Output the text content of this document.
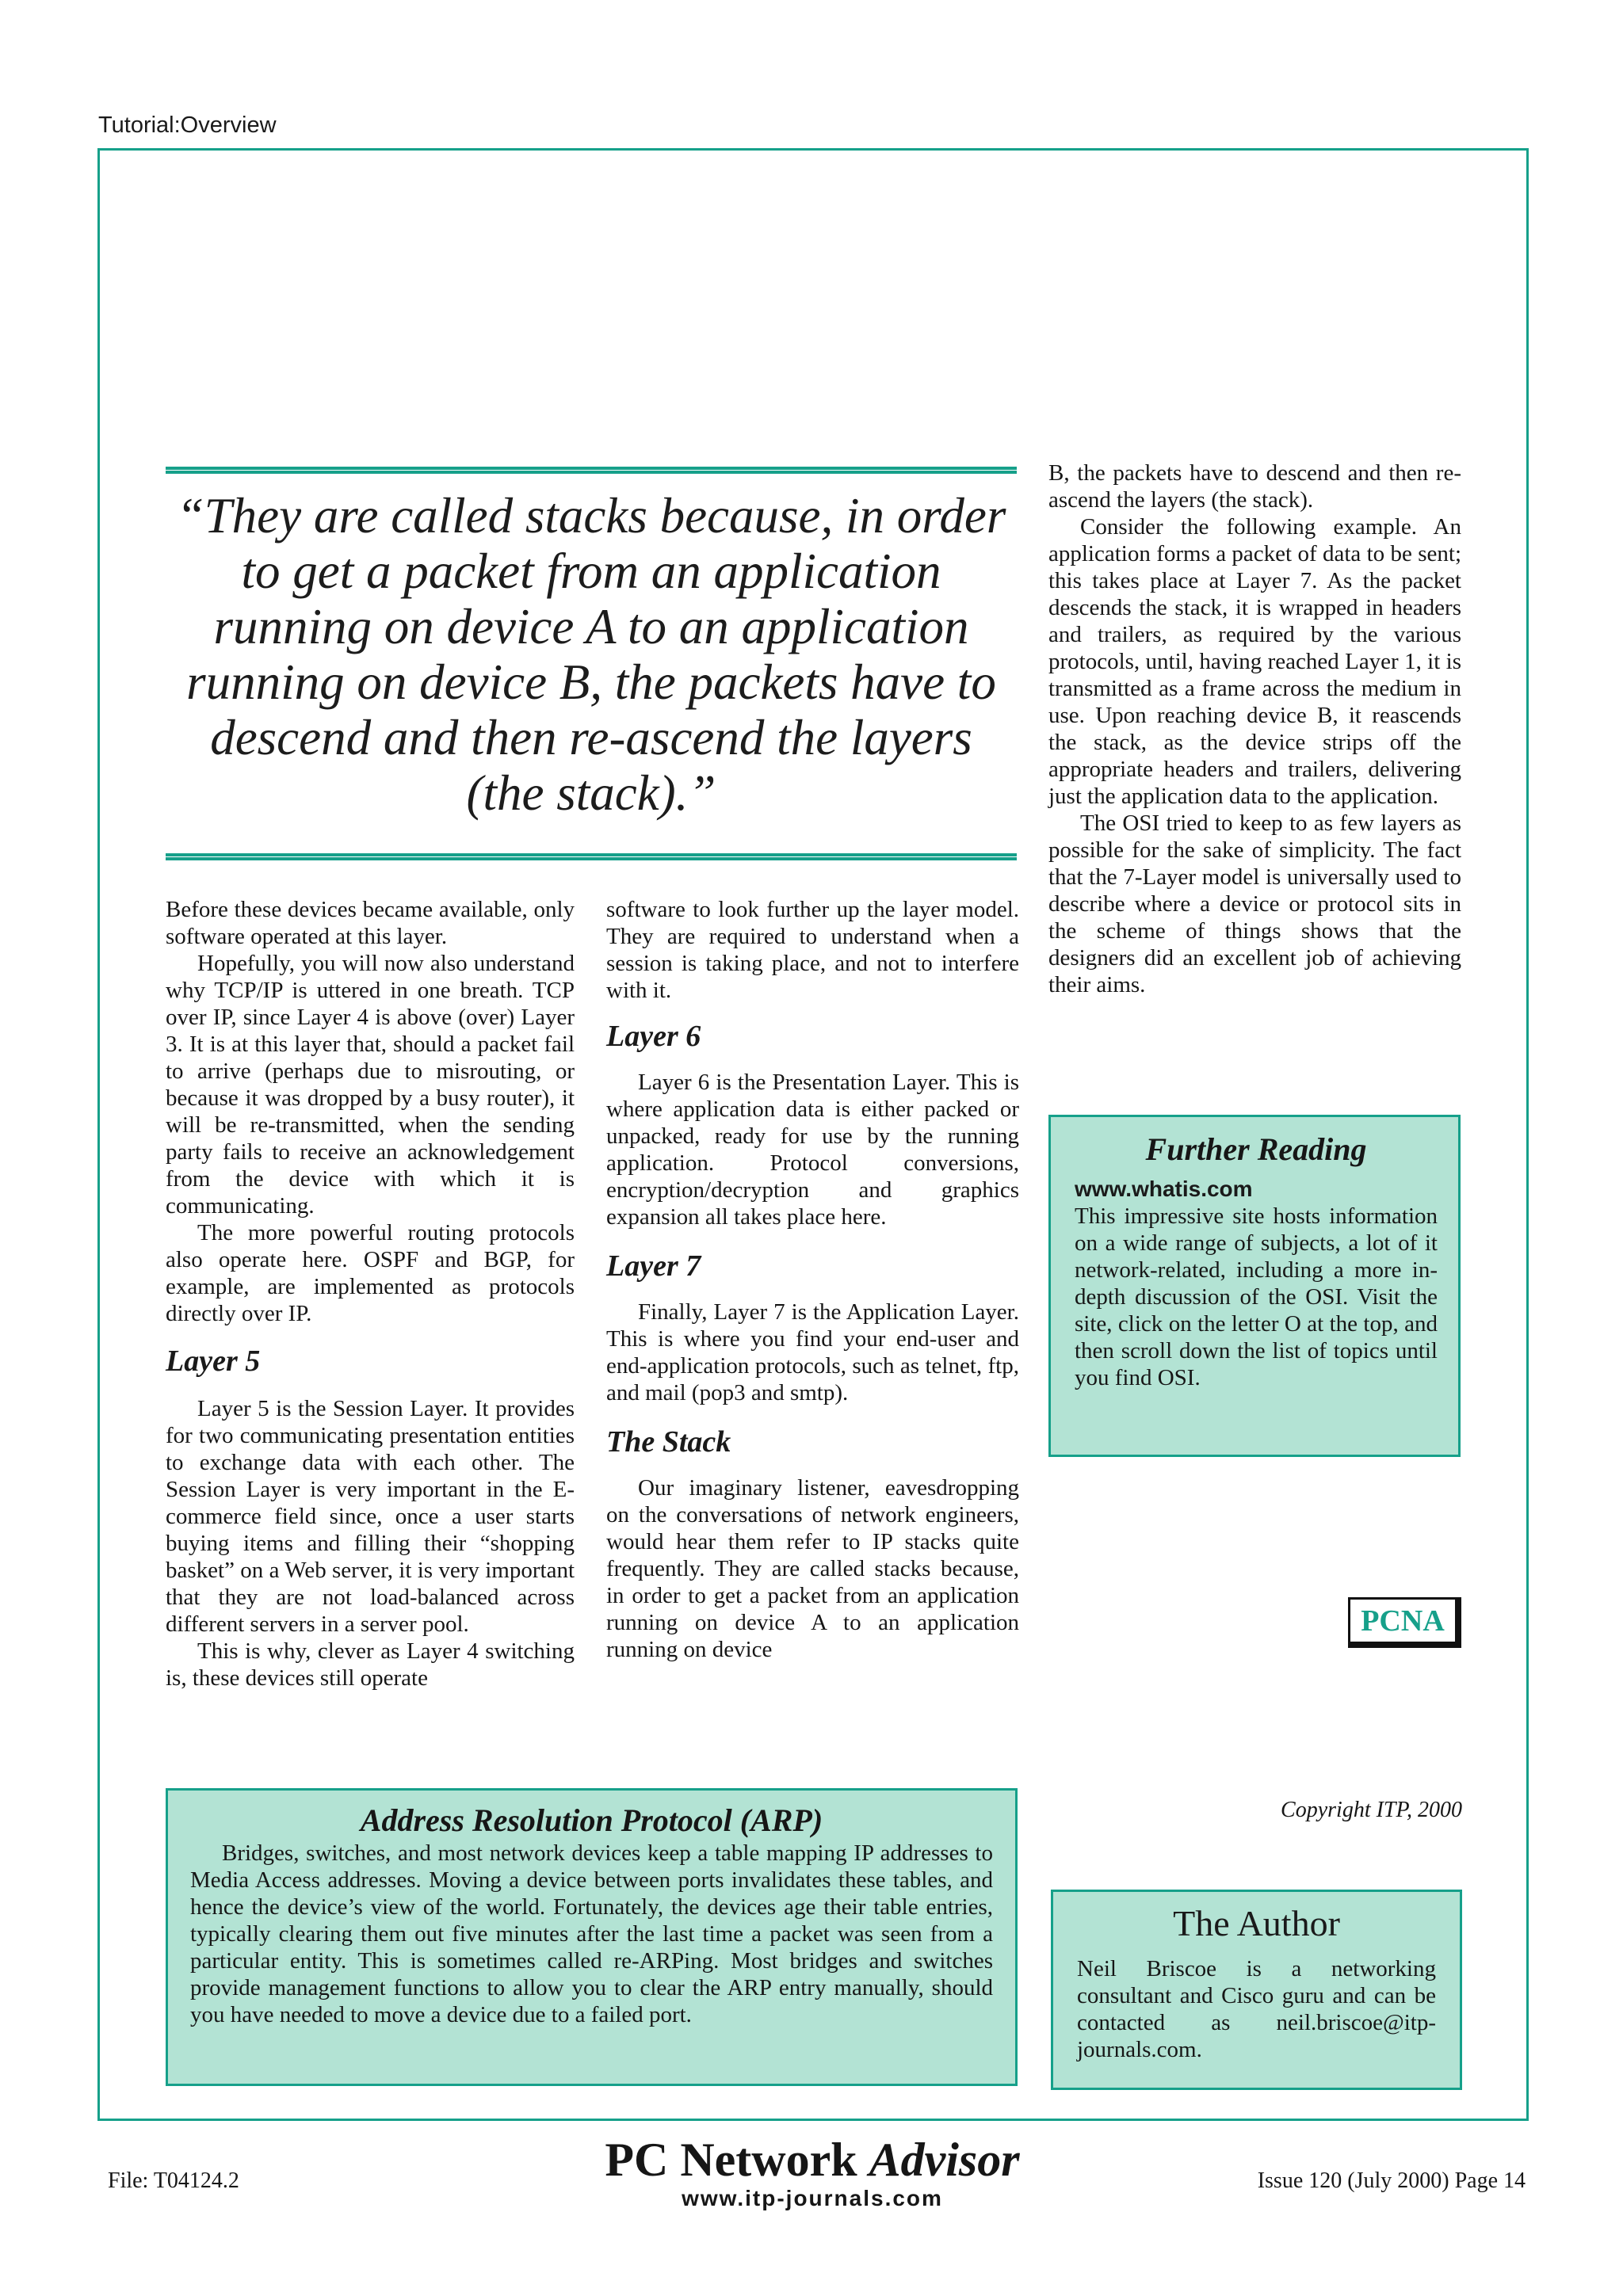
Tutorial:Overview
“They are called stacks because, in order to get a packet from an application running on device A to an application running on device B, the packets have to descend and then re-ascend the layers (the stack).”

Before these devices became available, only software operated at this layer.

Hopefully, you will now also understand why TCP/IP is uttered in one breath. TCP over IP, since Layer 4 is above (over) Layer 3. It is at this layer that, should a packet fail to arrive (perhaps due to misrouting, or because it was dropped by a busy router), it will be re-transmitted, when the sending party fails to receive an acknowledgement from the device with which it is communicating.

The more powerful routing protocols also operate here. OSPF and BGP, for example, are implemented as protocols directly over IP.

Layer 5

Layer 5 is the Session Layer. It provides for two communicating presentation entities to exchange data with each other. The Session Layer is very important in the E-commerce field since, once a user starts buying items and filling their “shopping basket” on a Web server, it is very important that they are not load-balanced across different servers in a server pool.

This is why, clever as Layer 4 switching is, these devices still operate

software to look further up the layer model. They are required to understand when a session is taking place, and not to interfere with it.

Layer 6

Layer 6 is the Presentation Layer. This is where application data is either packed or unpacked, ready for use by the running application. Protocol conversions, encryption/decryption and graphics expansion all takes place here.

Layer 7

Finally, Layer 7 is the Application Layer. This is where you find your end-user and end-application protocols, such as telnet, ftp, and mail (pop3 and smtp).

The Stack

Our imaginary listener, eavesdropping on the conversations of network engineers, would hear them refer to IP stacks quite frequently. They are called stacks because, in order to get a packet from an application running on device A to an application running on device

B, the packets have to descend and then re-ascend the layers (the stack).

Consider the following example. An application forms a packet of data to be sent; this takes place at Layer 7. As the packet descends the stack, it is wrapped in headers and trailers, as required by the various protocols, until, having reached Layer 1, it is transmitted as a frame across the medium in use. Upon reaching device B, it reascends the stack, as the device strips off the appropriate headers and trailers, delivering just the application data to the application.

The OSI tried to keep to as few layers as possible for the sake of simplicity. The fact that the 7-Layer model is universally used to describe where a device or protocol sits in the scheme of things shows that the designers did an excellent job of achieving their aims.

Further Reading
www.whatis.com
This impressive site hosts information on a wide range of subjects, a lot of it network-related, including a more in-depth discussion of the OSI. Visit the site, click on the letter O at the top, and then scroll down the list of topics until you find OSI.
PCNA
Copyright ITP, 2000
Address Resolution Protocol (ARP)

Bridges, switches, and most network devices keep a table mapping IP addresses to Media Access addresses. Moving a device between ports invalidates these tables, and hence the device’s view of the world. Fortunately, the devices age their table entries, typically clearing them out five minutes after the last time a packet was seen from a particular entity. This is sometimes called re-ARPing. Most bridges and switches provide management functions to allow you to clear the ARP entry manually, should you have needed to move a device due to a failed port.

The Author

Neil Briscoe is a networking consultant and Cisco guru and can be contacted as neil.briscoe@itp-journals.com.

File: T04124.2	PC Network Advisor
www.itp-journals.com
Issue 120 (July 2000) Page 14
